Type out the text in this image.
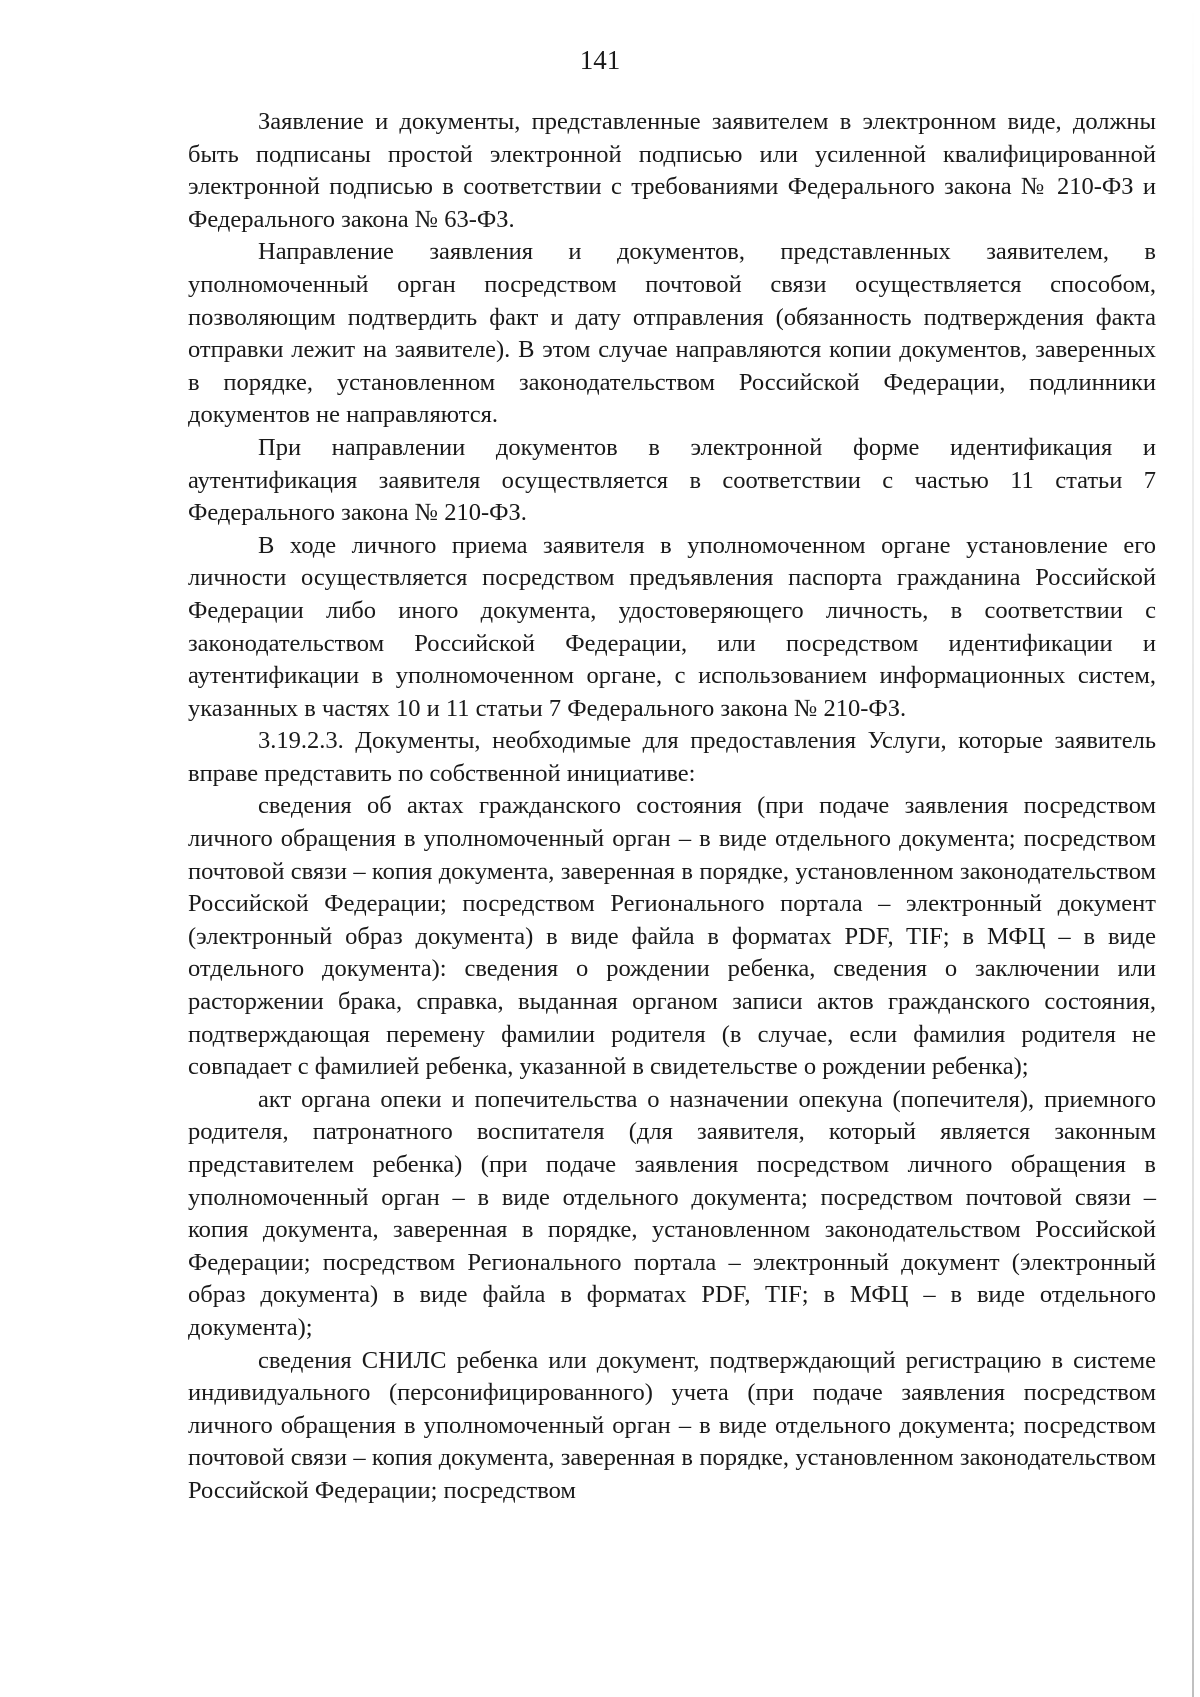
141

Заявление и документы, представленные заявителем в электронном виде, должны быть подписаны простой электронной подписью или усиленной квалифицированной электронной подписью в соответствии с требованиями Федерального закона № 210-ФЗ и Федерального закона № 63-ФЗ.

Направление заявления и документов, представленных заявителем, в уполномоченный орган посредством почтовой связи осуществляется способом, позволяющим подтвердить факт и дату отправления (обязанность подтверждения факта отправки лежит на заявителе). В этом случае направляются копии документов, заверенных в порядке, установленном законодательством Российской Федерации, подлинники документов не направляются.

При направлении документов в электронной форме идентификация и аутентификация заявителя осуществляется в соответствии с частью 11 статьи 7 Федерального закона № 210-ФЗ.

В ходе личного приема заявителя в уполномоченном органе установление его личности осуществляется посредством предъявления паспорта гражданина Российской Федерации либо иного документа, удостоверяющего личность, в соответствии с законодательством Российской Федерации, или посредством идентификации и аутентификации в уполномоченном органе, с использованием информационных систем, указанных в частях 10 и 11 статьи 7 Федерального закона № 210-ФЗ.

3.19.2.3. Документы, необходимые для предоставления Услуги, которые заявитель вправе представить по собственной инициативе:

сведения об актах гражданского состояния (при подаче заявления посредством личного обращения в уполномоченный орган – в виде отдельного документа; посредством почтовой связи – копия документа, заверенная в порядке, установленном законодательством Российской Федерации; посредством Регионального портала – электронный документ (электронный образ документа) в виде файла в форматах PDF, TIF; в МФЦ – в виде отдельного документа): сведения о рождении ребенка, сведения о заключении или расторжении брака, справка, выданная органом записи актов гражданского состояния, подтверждающая перемену фамилии родителя (в случае, если фамилия родителя не совпадает с фамилией ребенка, указанной в свидетельстве о рождении ребенка);

акт органа опеки и попечительства о назначении опекуна (попечителя), приемного родителя, патронатного воспитателя (для заявителя, который является законным представителем ребенка) (при подаче заявления посредством личного обращения в уполномоченный орган – в виде отдельного документа; посредством почтовой связи – копия документа, заверенная в порядке, установленном законодательством Российской Федерации; посредством Регионального портала – электронный документ (электронный образ документа) в виде файла в форматах PDF, TIF; в МФЦ – в виде отдельного документа);

сведения СНИЛС ребенка или документ, подтверждающий регистрацию в системе индивидуального (персонифицированного) учета (при подаче заявления посредством личного обращения в уполномоченный орган – в виде отдельного документа; посредством почтовой связи – копия документа, заверенная в порядке, установленном законодательством Российской Федерации; посредством
